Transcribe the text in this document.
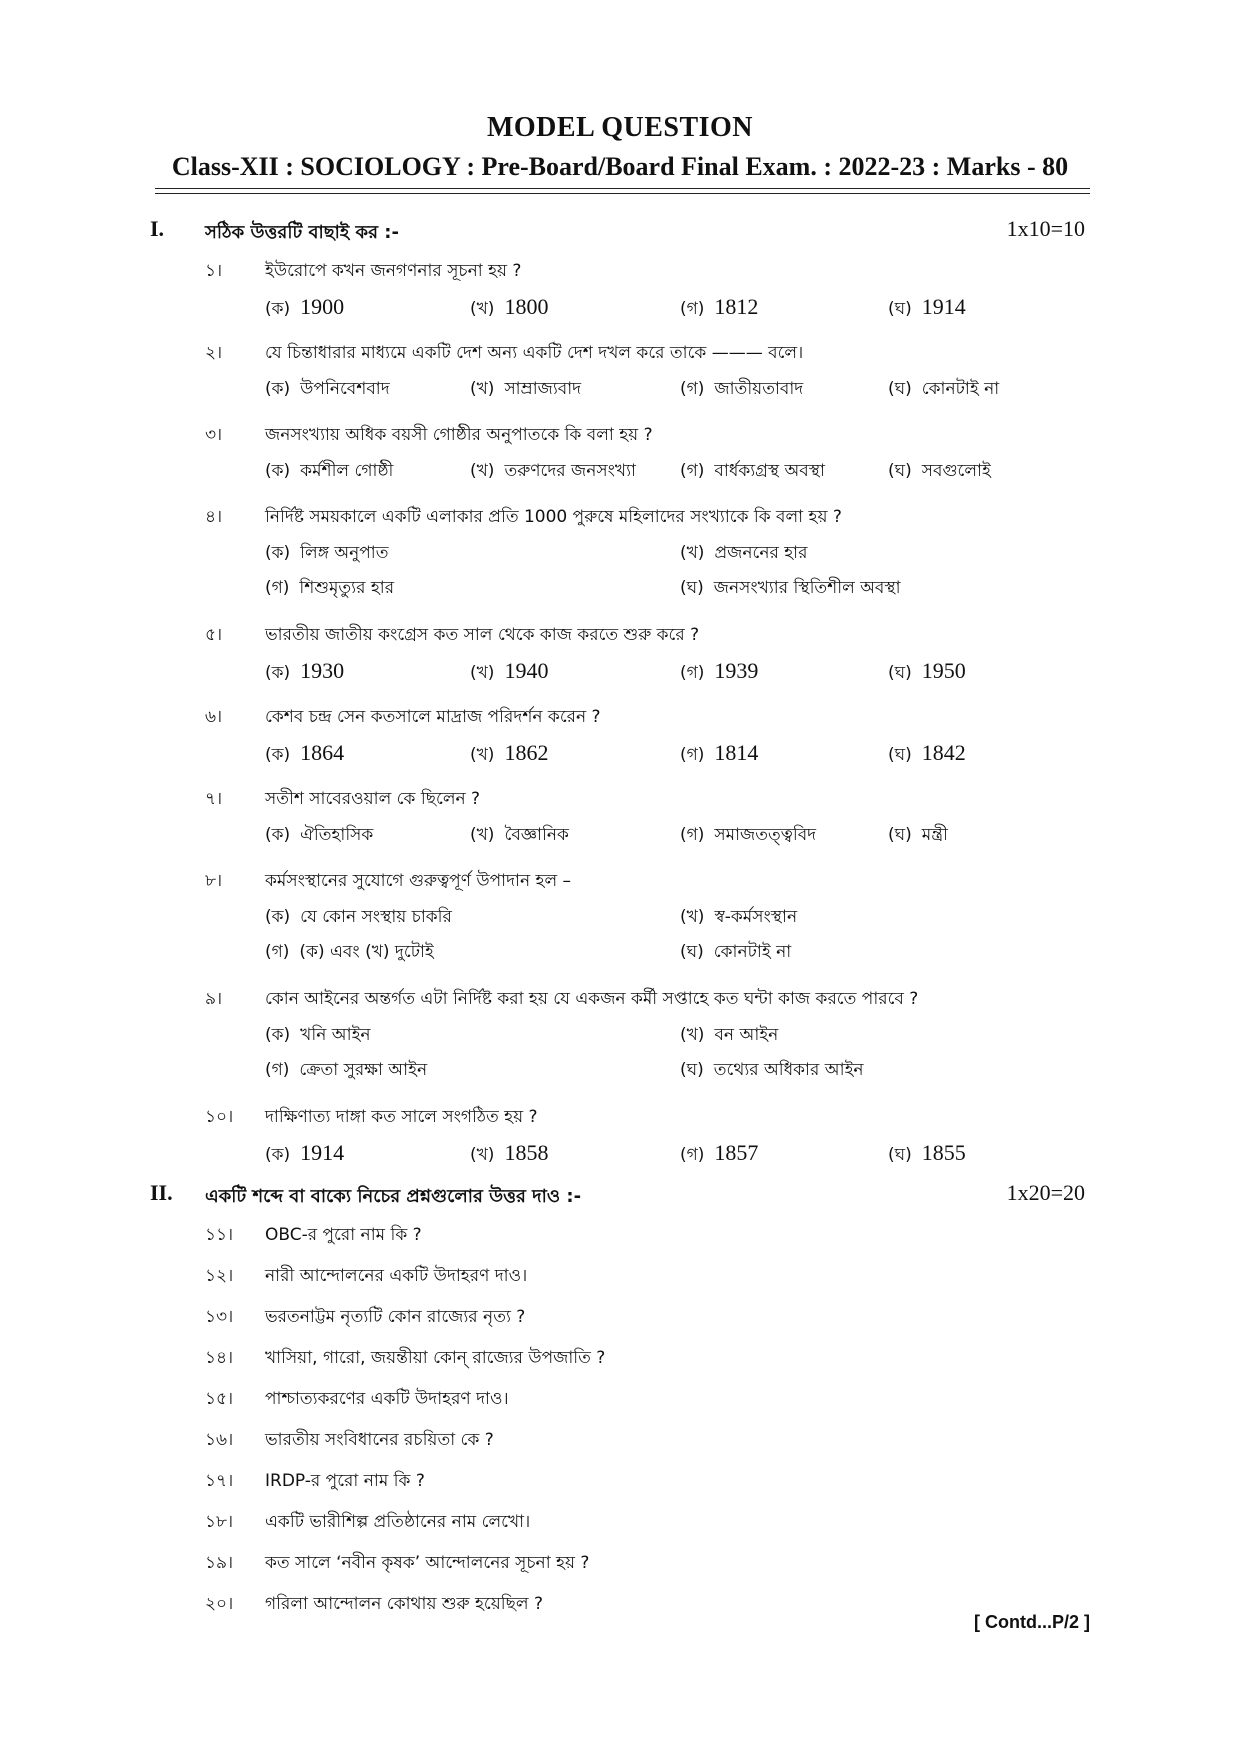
MODEL QUESTION
Class-XII : SOCIOLOGY : Pre-Board/Board Final Exam. : 2022-23 : Marks - 80
I. সঠিক উত্তরটি বাছাই কর :-	1x10=10
১।	ইউরোপে কখন জনগণনার সূচনা হয় ?
(ক) 1900	(খ) 1800	(গ) 1812	(ঘ) 1914
২।	যে চিন্তাধারার মাধ্যমে একটি দেশ অন্য একটি দেশ দখল করে তাকে ——— বলে।
(ক) উপনিবেশবাদ	(খ) সাম্রাজ্যবাদ	(গ) জাতীয়তাবাদ	(ঘ) কোনটাই না
৩।	জনসংখ্যায় অধিক বয়সী গোষ্ঠীর অনুপাতকে কি বলা হয় ?
(ক) কর্মশীল গোষ্ঠী	(খ) তরুণদের জনসংখ্যা	(গ) বার্ধক্যগ্রস্থ অবস্থা	(ঘ) সবগুলোই
৪।	নির্দিষ্ট সময়কালে একটি এলাকার প্রতি 1000 পুরুষে মহিলাদের সংখ্যাকে কি বলা হয় ?
(ক) লিঙ্গ অনুপাত	(খ) প্রজননের হার
(গ) শিশুমৃত্যুর হার	(ঘ) জনসংখ্যার স্থিতিশীল অবস্থা
৫।	ভারতীয় জাতীয় কংগ্রেস কত সাল থেকে কাজ করতে শুরু করে ?
(ক) 1930	(খ) 1940	(গ) 1939	(ঘ) 1950
৬।	কেশব চন্দ্র সেন কতসালে মাদ্রাজ পরিদর্শন করেন ?
(ক) 1864	(খ) 1862	(গ) 1814	(ঘ) 1842
৭।	সতীশ সাবেরওয়াল কে ছিলেন ?
(ক) ঐতিহাসিক	(খ) বৈজ্ঞানিক	(গ) সমাজতত্ত্ববিদ	(ঘ) মন্ত্রী
৮।	কর্মসংস্থানের সুযোগে গুরুত্বপূর্ণ উপাদান হল –
(ক) যে কোন সংস্থায় চাকরি	(খ) স্ব-কর্মসংস্থান
(গ) (ক) এবং (খ) দুটোই	(ঘ) কোনটাই না
৯।	কোন আইনের অন্তর্গত এটা নির্দিষ্ট করা হয় যে একজন কর্মী সপ্তাহে কত ঘন্টা কাজ করতে পারবে ?
(ক) খনি আইন	(খ) বন আইন
(গ) ক্রেতা সুরক্ষা আইন	(ঘ) তথ্যের অধিকার আইন
১০। দাক্ষিণাত্য দাঙ্গা কত সালে সংগঠিত হয় ?
(ক) 1914	(খ) 1858	(গ) 1857	(ঘ) 1855
II. একটি শব্দে বা বাক্যে নিচের প্রশ্নগুলোর উত্তর দাও :-	1x20=20
১১। OBC-র পুরো নাম কি ?
১২। নারী আন্দোলনের একটি উদাহরণ দাও।
১৩। ভরতনাট্টম নৃত্যটি কোন রাজ্যের নৃত্য ?
১৪। খাসিয়া, গারো, জয়ন্তীয়া কোন্ রাজ্যের উপজাতি ?
১৫। পাশ্চাত্যকরণের একটি উদাহরণ দাও।
১৬। ভারতীয় সংবিধানের রচয়িতা কে ?
১৭। IRDP-র পুরো নাম কি ?
১৮। একটি ভারীশিল্প প্রতিষ্ঠানের নাম লেখো।
১৯। কত সালে ‘নবীন কৃষক’ আন্দোলনের সূচনা হয় ?
২০। গরিলা আন্দোলন কোথায় শুরু হয়েছিল ?
[ Contd...P/2 ]
